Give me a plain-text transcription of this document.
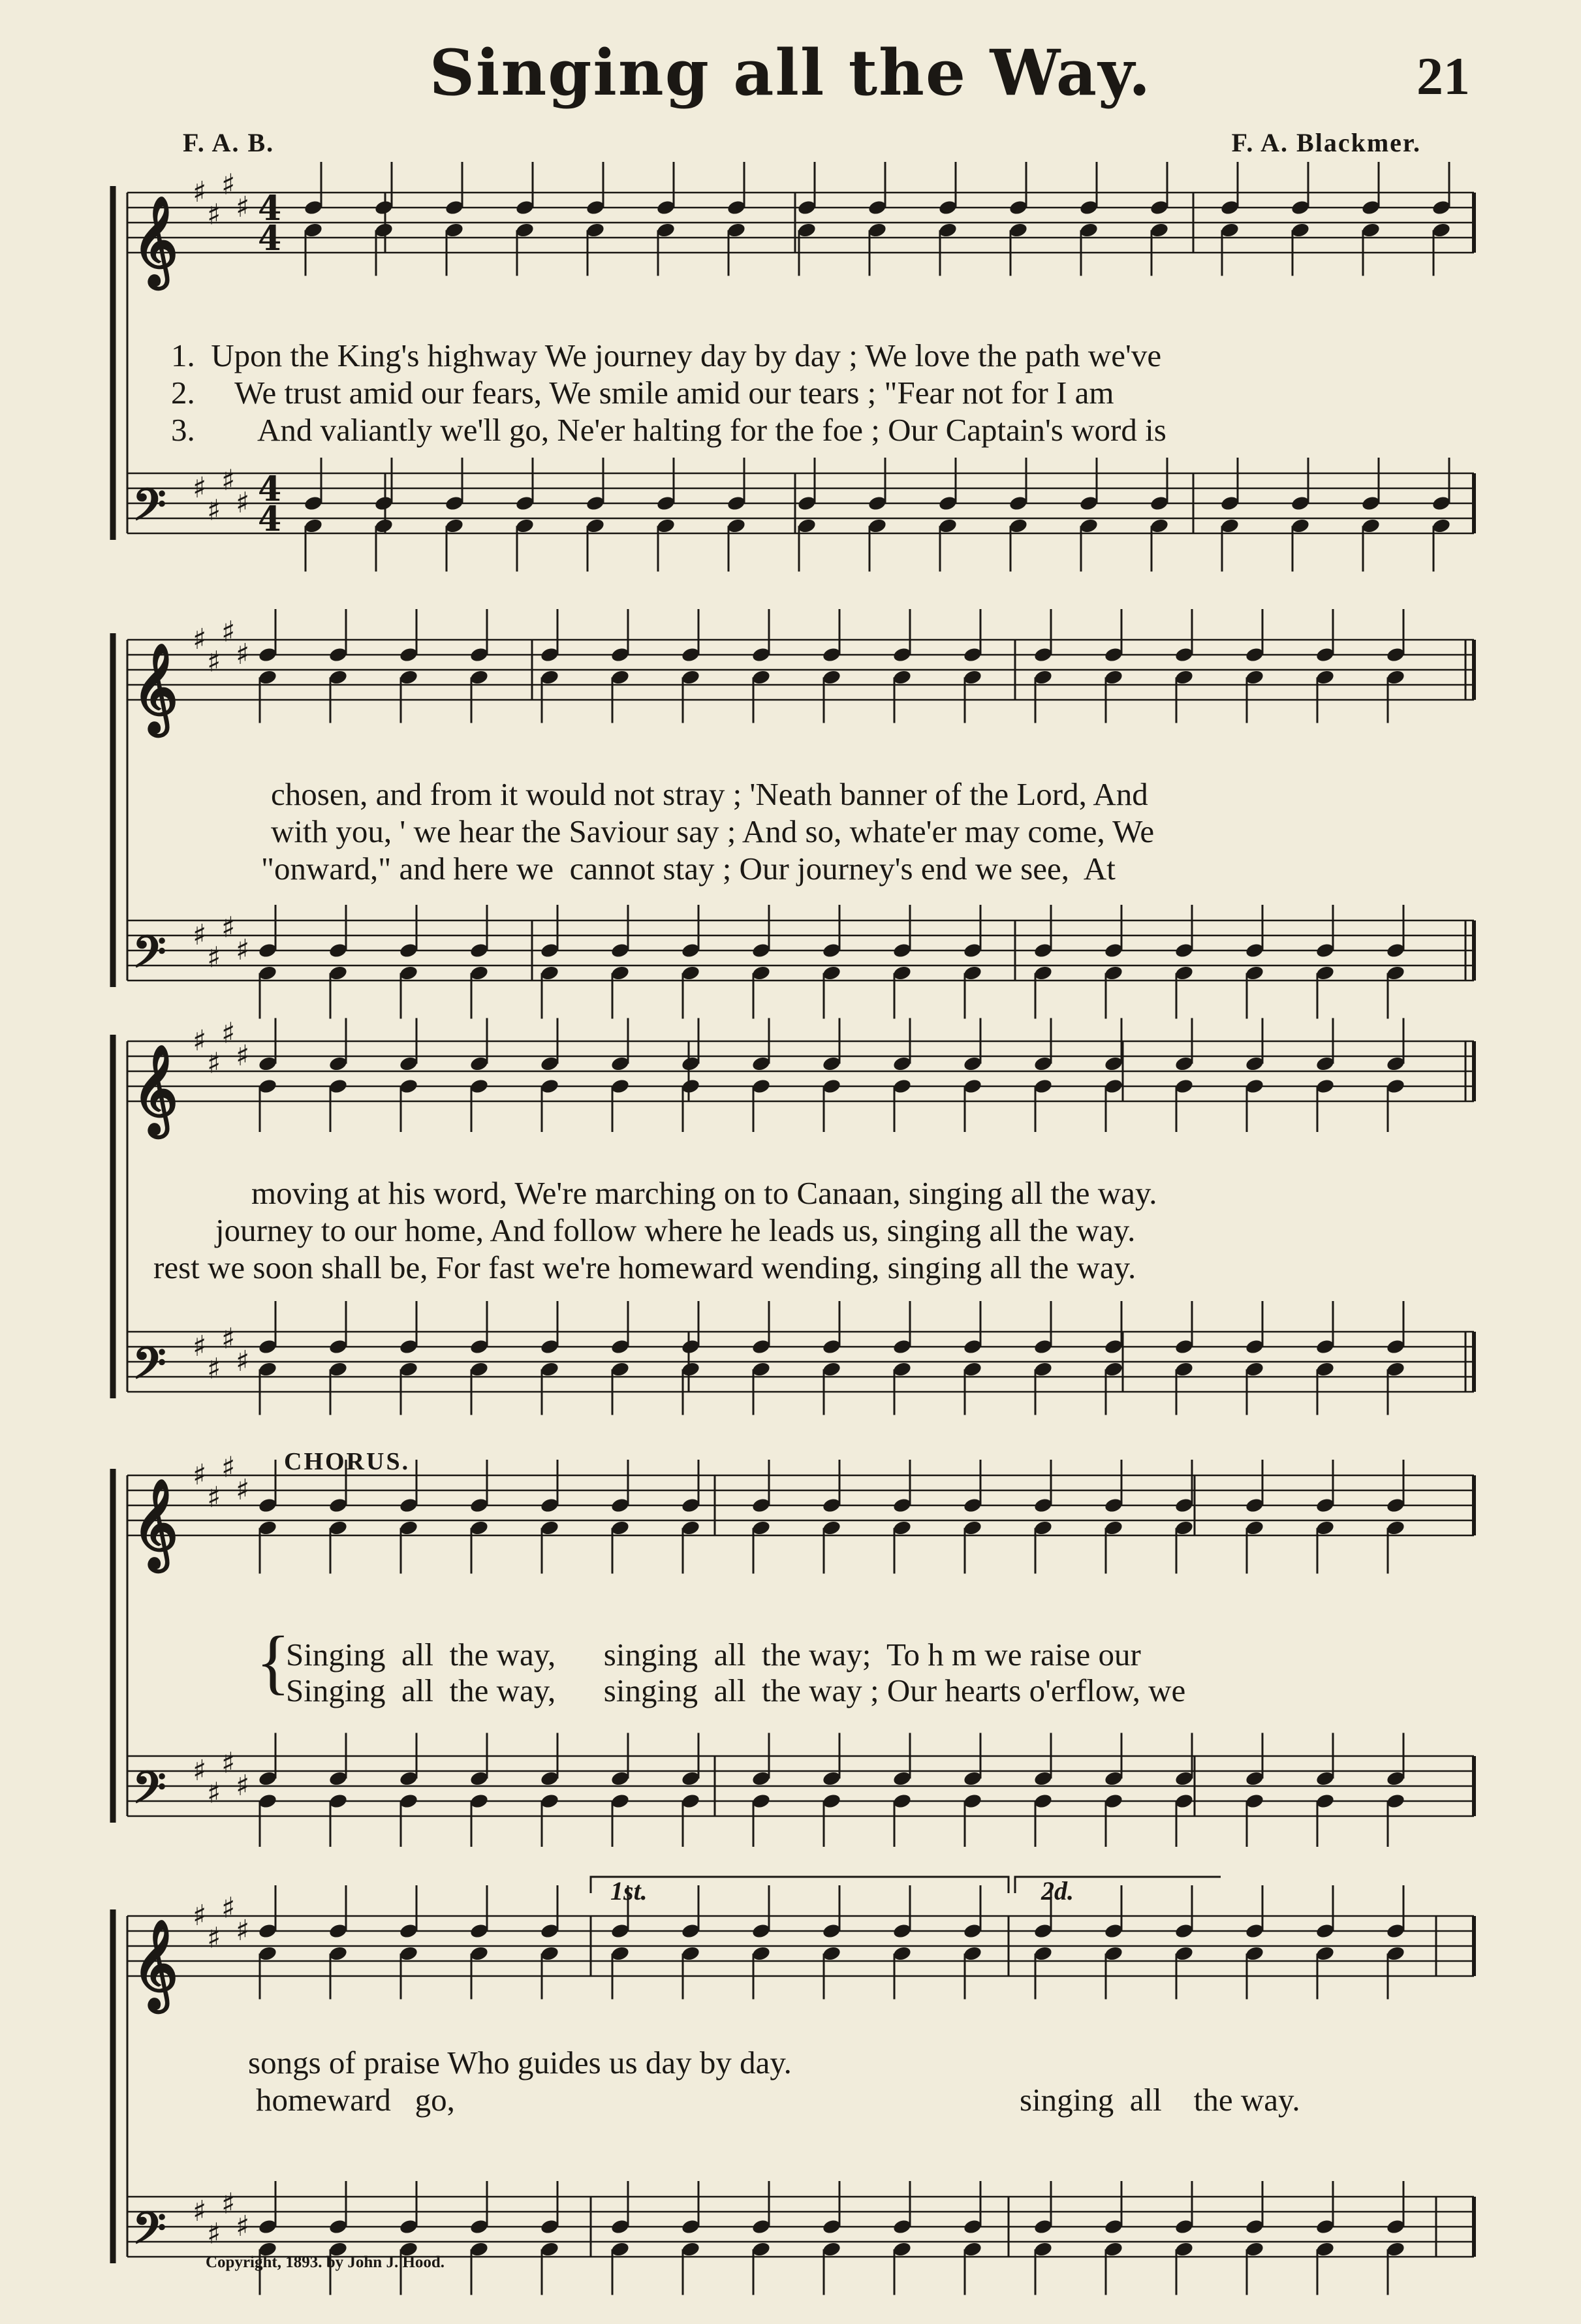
Singing all the Way.	21
F. A. B.	F. A. Blackmer.
𝄞
♯
♯
♯
♯ 4
4
𝄢 ♯
♯
♯
♯ 4
4
𝄞
♯
♯
♯
♯
𝄢 ♯
♯
♯
♯
𝄞
♯
♯
♯
♯
𝄢 ♯
♯
♯
♯
𝄞
♯
♯
♯
♯
𝄢 ♯
♯
♯
♯
𝄞
♯
♯
♯
♯
𝄢 ♯
♯
♯
♯
1.  Upon the King's highway We journey day by day ; We love the path we've
2.     We trust amid our fears, We smile amid our tears ; "Fear not for I am
3.        And valiantly we'll go, Ne'er halting for the foe ; Our Captain's word is
chosen, and from it would not stray ; 'Neath banner of the Lord, And
with you, ' we hear the Saviour say ; And so, whate'er may come, We
"onward," and here we  cannot stay ; Our journey's end we see,  At
moving at his word, We're marching on to Canaan, singing all the way.
journey to our home, And follow where he leads us, singing all the way.
rest we soon shall be, For fast we're homeward wending, singing all the way.
CHORUS.
{
Singing  all  the way,      singing  all  the way;  To h m we raise our
Singing  all  the way,      singing  all  the way ; Our hearts o'erflow, we
1st.	2d.
songs of praise Who guides us day by day.
homeward   go,	singing  all    the way.
Copyright, 1893. by John J. Hood.
